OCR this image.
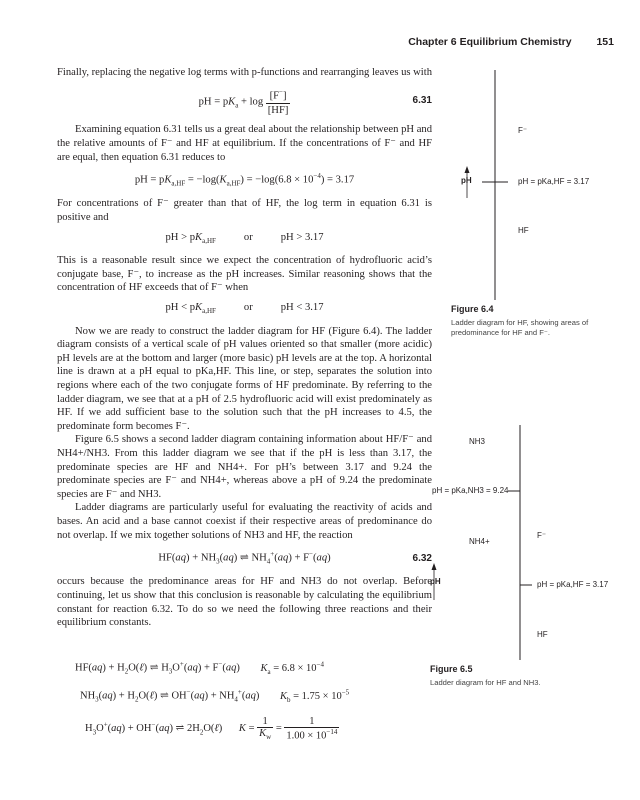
Chapter 6 Equilibrium Chemistry 151

Finally, replacing the negative log terms with p-functions and rearranging leaves us with

pH = $pK_a + \log \frac{[F^-]}{[HF]}$	6.31

Examining equation 6.31 tells us a great deal about the relationship between pH and the relative amounts of F⁻ and HF at equilibrium. If the concentrations of F⁻ and HF are equal, then equation 6.31 reduces to

pH = $pK_{a,HF} = -\log(K_{a,HF}) = -\log(6.8 \times 10^{-4}) = 3.17$

For concentrations of F⁻ greater than that of HF, the log term in equation 6.31 is positive and

pH > $pK_{a,HF}$	or	pH > 3.17

This is a reasonable result since we expect the concentration of hydrofluoric acid’s conjugate base, F⁻, to increase as the pH increases. Similar reasoning shows that the concentration of HF exceeds that of F⁻ when

pH < $pK_{a,HF}$	or	pH < 3.17

Now we are ready to construct the ladder diagram for HF (Figure 6.4). The ladder diagram consists of a vertical scale of pH values oriented so that smaller (more acidic) pH levels are at the bottom and larger (more basic) pH levels are at the top. A horizontal line is drawn at a pH equal to pKa,HF. This line, or step, separates the solution into regions where each of the two conjugate forms of HF predominate. By referring to the ladder diagram, we see that at a pH of 2.5 hydrofluoric acid will exist predominately as HF. If we add sufficient base to the solution such that the pH increases to 4.5, the predominate form becomes F⁻.

Figure 6.5 shows a second ladder diagram containing information about HF/F⁻ and NH4+/NH3. From this ladder diagram we see that if the pH is less than 3.17, the predominate species are HF and NH4+. For pH’s between 3.17 and 9.24 the predominate species are F⁻ and NH4+, whereas above a pH of 9.24 the predominate species are F⁻ and NH3.

Ladder diagrams are particularly useful for evaluating the reactivity of acids and bases. An acid and a base cannot coexist if their respective areas of predominance do not overlap. If we mix together solutions of NH3 and HF, the reaction

$HF(aq) + NH_3(aq)$ ⇌ $NH_4^+(aq) + F^-(aq)$	6.32

occurs because the predominance areas for HF and NH3 do not overlap. Before continuing, let us show that this conclusion is reasonable by calculating the equilibrium constant for reaction 6.32. To do so we need the following three reactions and their equilibrium constants.

$HF(aq) + H_2O(\ell)$ ⇌ $H_3O^+(aq) + F^-(aq) K_a = 6.8 \times 10^{-4}$
$NH_3(aq)$ + $H_2O(\ell)$ ⇌ $OH^-(aq) + NH_4^+(aq) K_b = 1.75 \times 10^{-5}$
$H_3O^+(aq) + OH^-(aq)$ ⇌ $2H_2O(\ell) K = \frac{1}{K_w} = \frac{1}{1.00 \times 10^{-14}}$
F⁻
pH	pH = pKa,HF = 3.17
HF
Figure 6.4
Ladder diagram for HF, showing areas of predominance for HF and F⁻.
NH3
pH = pKa,NH3 = 9.24
NH4+
F⁻
pH	pH = pKa,HF = 3.17
HF
Figure 6.5
Ladder diagram for HF and NH3.
